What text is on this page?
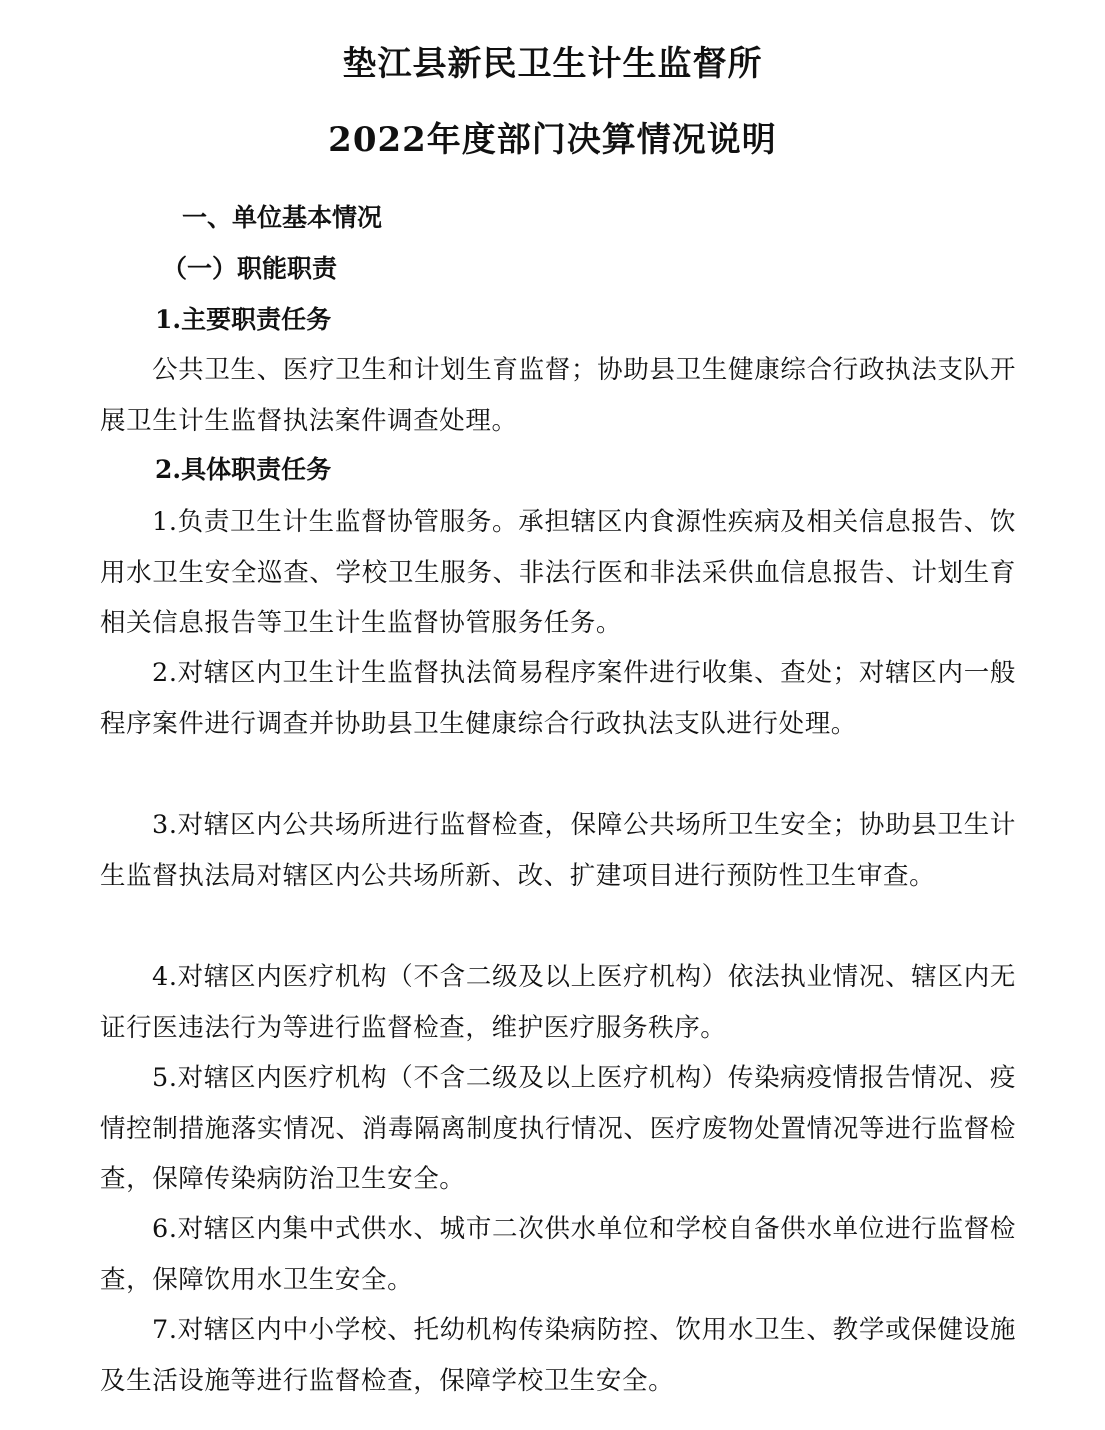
垫江县新民卫生计生监督所
2022年度部门决算情况说明
一、单位基本情况
（一）职能职责
1.主要职责任务

公共卫生、医疗卫生和计划生育监督；协助县卫生健康综合行政执法支队开展卫生计生监督执法案件调查处理。

2.具体职责任务

1.负责卫生计生监督协管服务。承担辖区内食源性疾病及相关信息报告、饮用水卫生安全巡查、学校卫生服务、非法行医和非法采供血信息报告、计划生育相关信息报告等卫生计生监督协管服务任务。

2.对辖区内卫生计生监督执法简易程序案件进行收集、查处；对辖区内一般程序案件进行调查并协助县卫生健康综合行政执法支队进行处理。

3.对辖区内公共场所进行监督检查，保障公共场所卫生安全；协助县卫生计生监督执法局对辖区内公共场所新、改、扩建项目进行预防性卫生审查。

4.对辖区内医疗机构（不含二级及以上医疗机构）依法执业情况、辖区内无证行医违法行为等进行监督检查，维护医疗服务秩序。

5.对辖区内医疗机构（不含二级及以上医疗机构）传染病疫情报告情况、疫情控制措施落实情况、消毒隔离制度执行情况、医疗废物处置情况等进行监督检查，保障传染病防治卫生安全。

6.对辖区内集中式供水、城市二次供水单位和学校自备供水单位进行监督检查，保障饮用水卫生安全。

7.对辖区内中小学校、托幼机构传染病防控、饮用水卫生、教学或保健设施及生活设施等进行监督检查，保障学校卫生安全。
